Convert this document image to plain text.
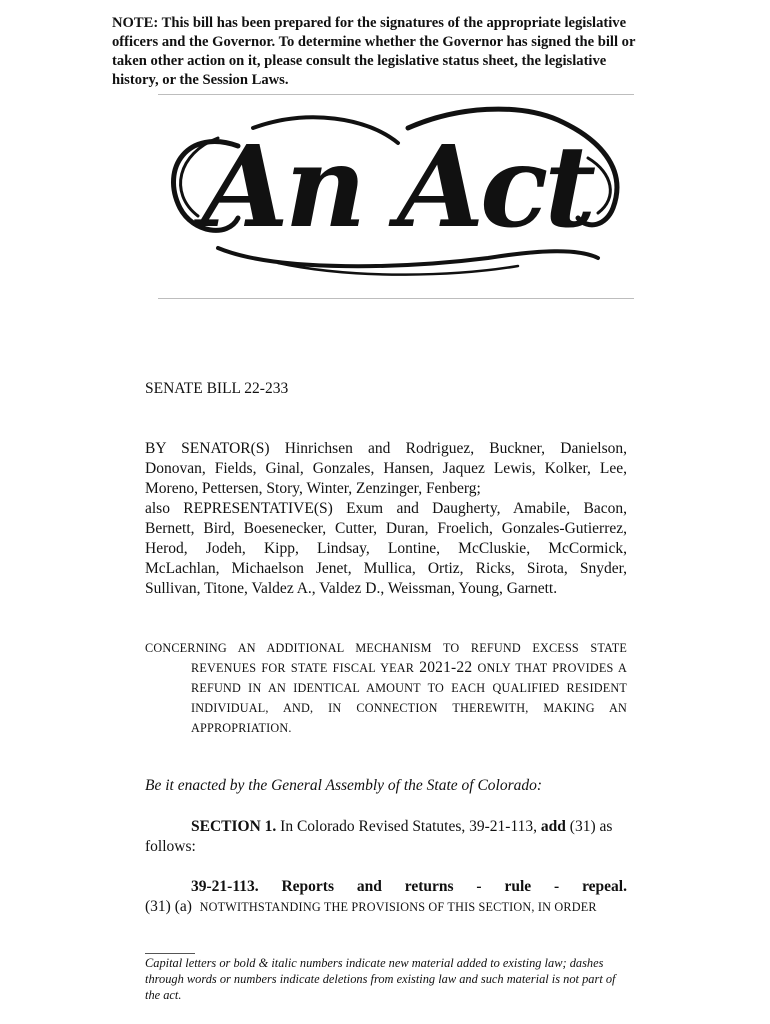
NOTE: This bill has been prepared for the signatures of the appropriate legislative officers and the Governor. To determine whether the Governor has signed the bill or taken other action on it, please consult the legislative status sheet, the legislative history, or the Session Laws.
An Act
SENATE BILL 22-233

BY SENATOR(S) Hinrichsen and Rodriguez, Buckner, Danielson,

Donovan, Fields, Ginal, Gonzales, Hansen, Jaquez Lewis, Kolker, Lee,

Moreno, Pettersen, Story, Winter, Zenzinger, Fenberg;

also REPRESENTATIVE(S) Exum and Daugherty, Amabile, Bacon,

Bernett, Bird, Boesenecker, Cutter, Duran, Froelich, Gonzales-Gutierrez,

Herod, Jodeh, Kipp, Lindsay, Lontine, McCluskie, McCormick,

McLachlan, Michaelson Jenet, Mullica, Ortiz, Ricks, Sirota, Snyder,

Sullivan, Titone, Valdez A., Valdez D., Weissman, Young, Garnett.

CONCERNING AN ADDITIONAL MECHANISM TO REFUND EXCESS STATE

REVENUES FOR STATE FISCAL YEAR 2021-22 ONLY THAT PROVIDES A

REFUND IN AN IDENTICAL AMOUNT TO EACH QUALIFIED RESIDENT

INDIVIDUAL, AND, IN CONNECTION THEREWITH, MAKING AN

APPROPRIATION.

Be it enacted by the General Assembly of the State of Colorado:

SECTION 1. In Colorado Revised Statutes, 39-21-113, add (31) as

follows:

39-21-113. Reports and returns - rule - repeal.

(31) (a) NOTWITHSTANDING THE PROVISIONS OF THIS SECTION, IN ORDER

Capital letters or bold & italic numbers indicate new material added to existing law; dashes through words or numbers indicate deletions from existing law and such material is not part of the act.
